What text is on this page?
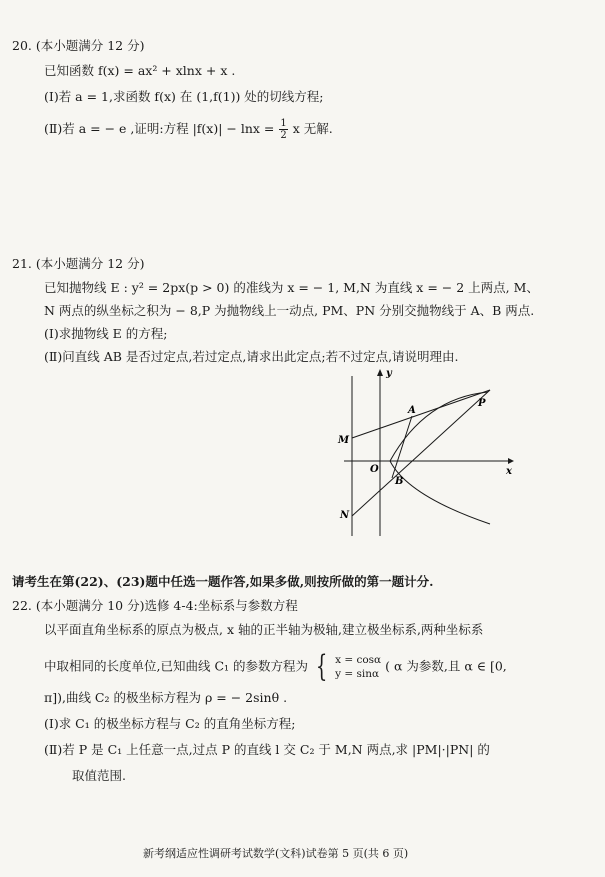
20. (本小题满分 12 分)
已知函数 f(x) = ax² + xlnx + x .
(Ⅰ)若 a = 1,求函数 f(x) 在 (1,f(1)) 处的切线方程;
(Ⅱ)若 a = − e ,证明:方程 $|f(x)| - \ln x = \frac{1}{2}$ x 无解.
21. (本小题满分 12 分)
已知抛物线 E : y² = 2px(p > 0) 的准线为 x = − 1, M,N 为直线 x = − 2 上两点, M、
N 两点的纵坐标之积为 − 8,P 为抛物线上一动点, PM、PN 分别交抛物线于 A、B 两点.
(Ⅰ)求抛物线 E 的方程;
(Ⅱ)问直线 AB 是否过定点,若过定点,请求出此定点;若不过定点,请说明理由.
y
x
O
M
N
A
B
P
请考生在第(22)、(23)题中任选一题作答,如果多做,则按所做的第一题计分.
22. (本小题满分 10 分)选修 4-4:坐标系与参数方程
以平面直角坐标系的原点为极点, x 轴的正半轴为极轴,建立极坐标系,两种坐标系
中取相同的长度单位,已知曲线 C₁ 的参数方程为 { x = cosα
y = sinα
( α 为参数,且 α ∈ [0,
π]),曲线 C₂ 的极坐标方程为 ρ = − 2sinθ .
(Ⅰ)求 C₁ 的极坐标方程与 C₂ 的直角坐标方程;
(Ⅱ)若 P 是 C₁ 上任意一点,过点 P 的直线 l 交 C₂ 于 M,N 两点,求 |PM|·|PN| 的
取值范围.
新考纲适应性调研考试数学(文科)试卷第 5 页(共 6 页)
